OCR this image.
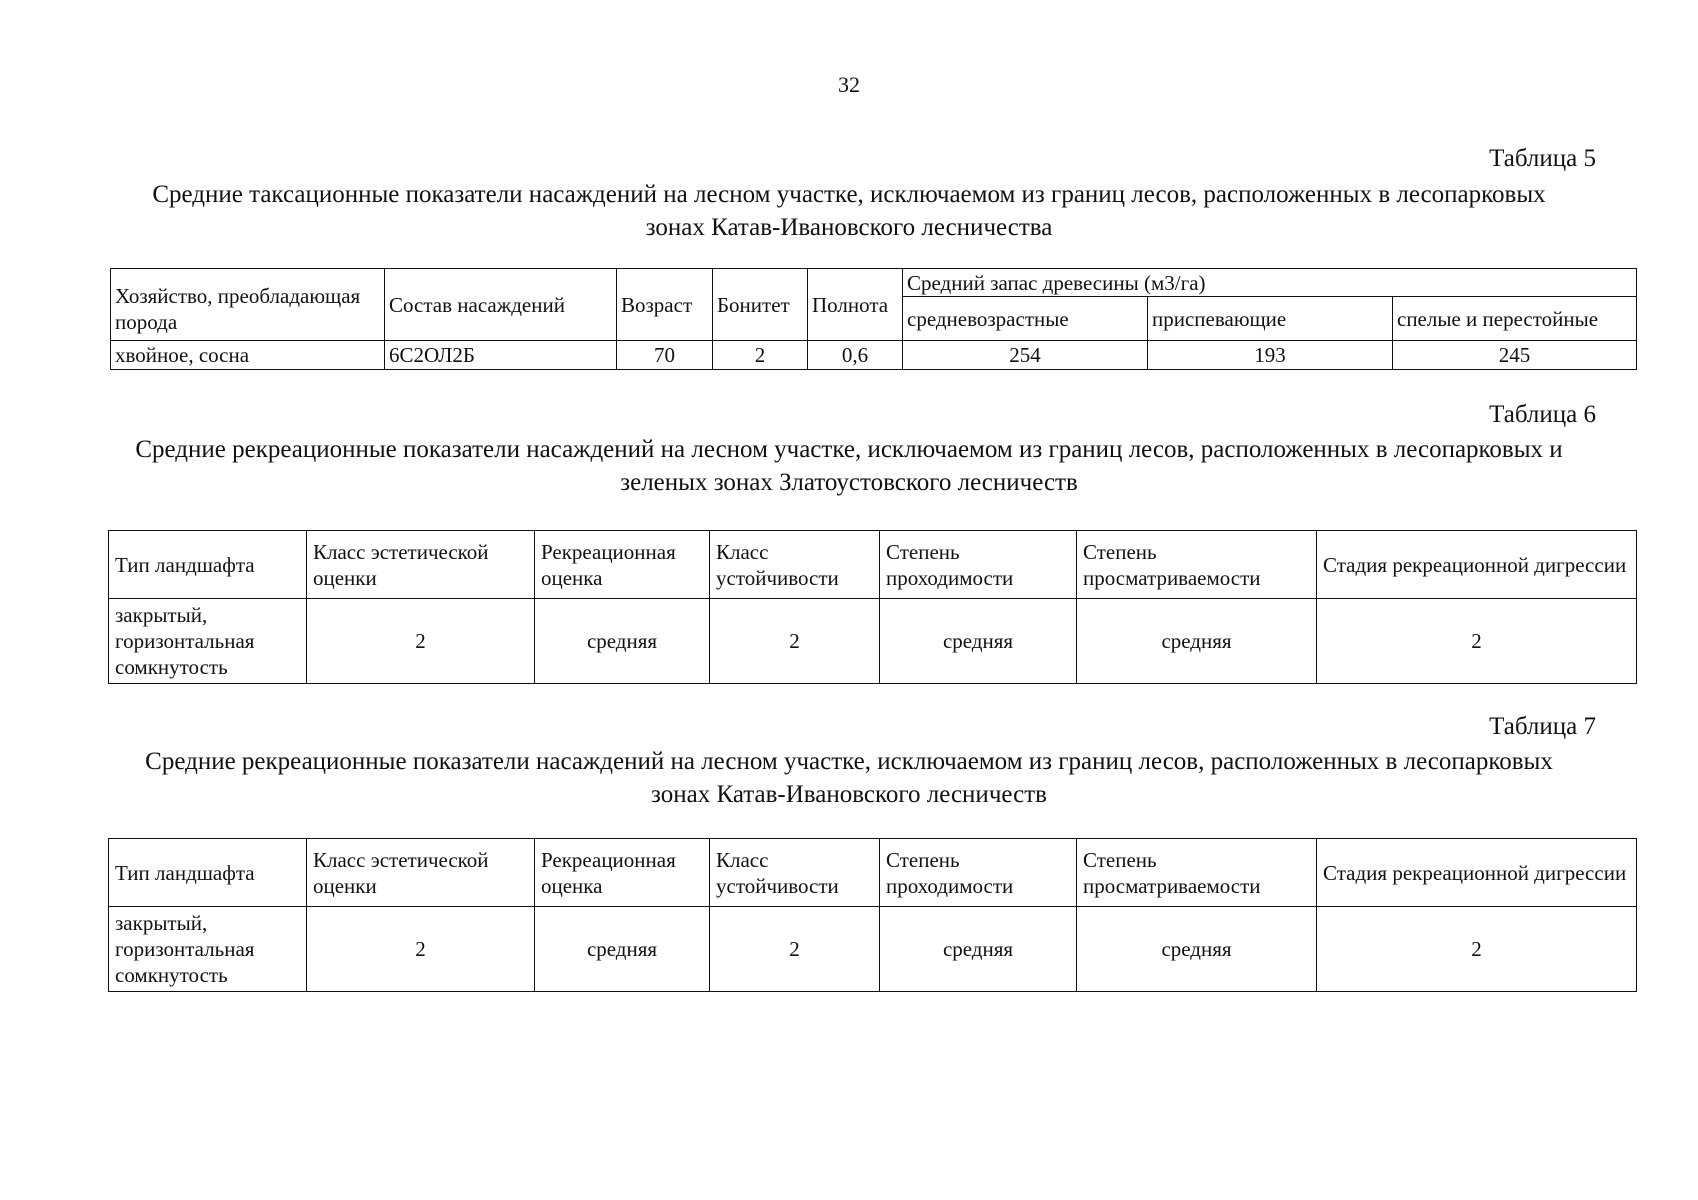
32
Таблица 5
Средние таксационные показатели насаждений на лесном участке, исключаемом из границ лесов, расположенных в лесопарковых зонах Катав-Ивановского лесничества
Хозяйство, преобладающая порода	Состав насаждений	Возраст	Бонитет	Полнота	Средний запас древесины (м3/га)		
					средневозрастные	приспевающие	спелые и перестойные
хвойное, сосна	6С2ОЛ2Б	70	2	0,6	254	193	245
Таблица 6
Средние рекреационные показатели насаждений на лесном участке, исключаемом из границ лесов, расположенных в лесопарковых и зеленых зонах Златоустовского лесничеств
Тип ландшафта	Класс эстетической оценки	Рекреационная оценка	Класс устойчивости	Степень проходимости	Степень просматриваемости	Стадия рекреационной дигрессии
закрытый, горизонтальная сомкнутость	2	средняя	2	средняя	средняя	2
Таблица 7
Средние рекреационные показатели насаждений на лесном участке, исключаемом из границ лесов, расположенных в лесопарковых зонах Катав-Ивановского лесничеств
Тип ландшафта	Класс эстетической оценки	Рекреационная оценка	Класс устойчивости	Степень проходимости	Степень просматриваемости	Стадия рекреационной дигрессии
закрытый, горизонтальная сомкнутость	2	средняя	2	средняя	средняя	2
